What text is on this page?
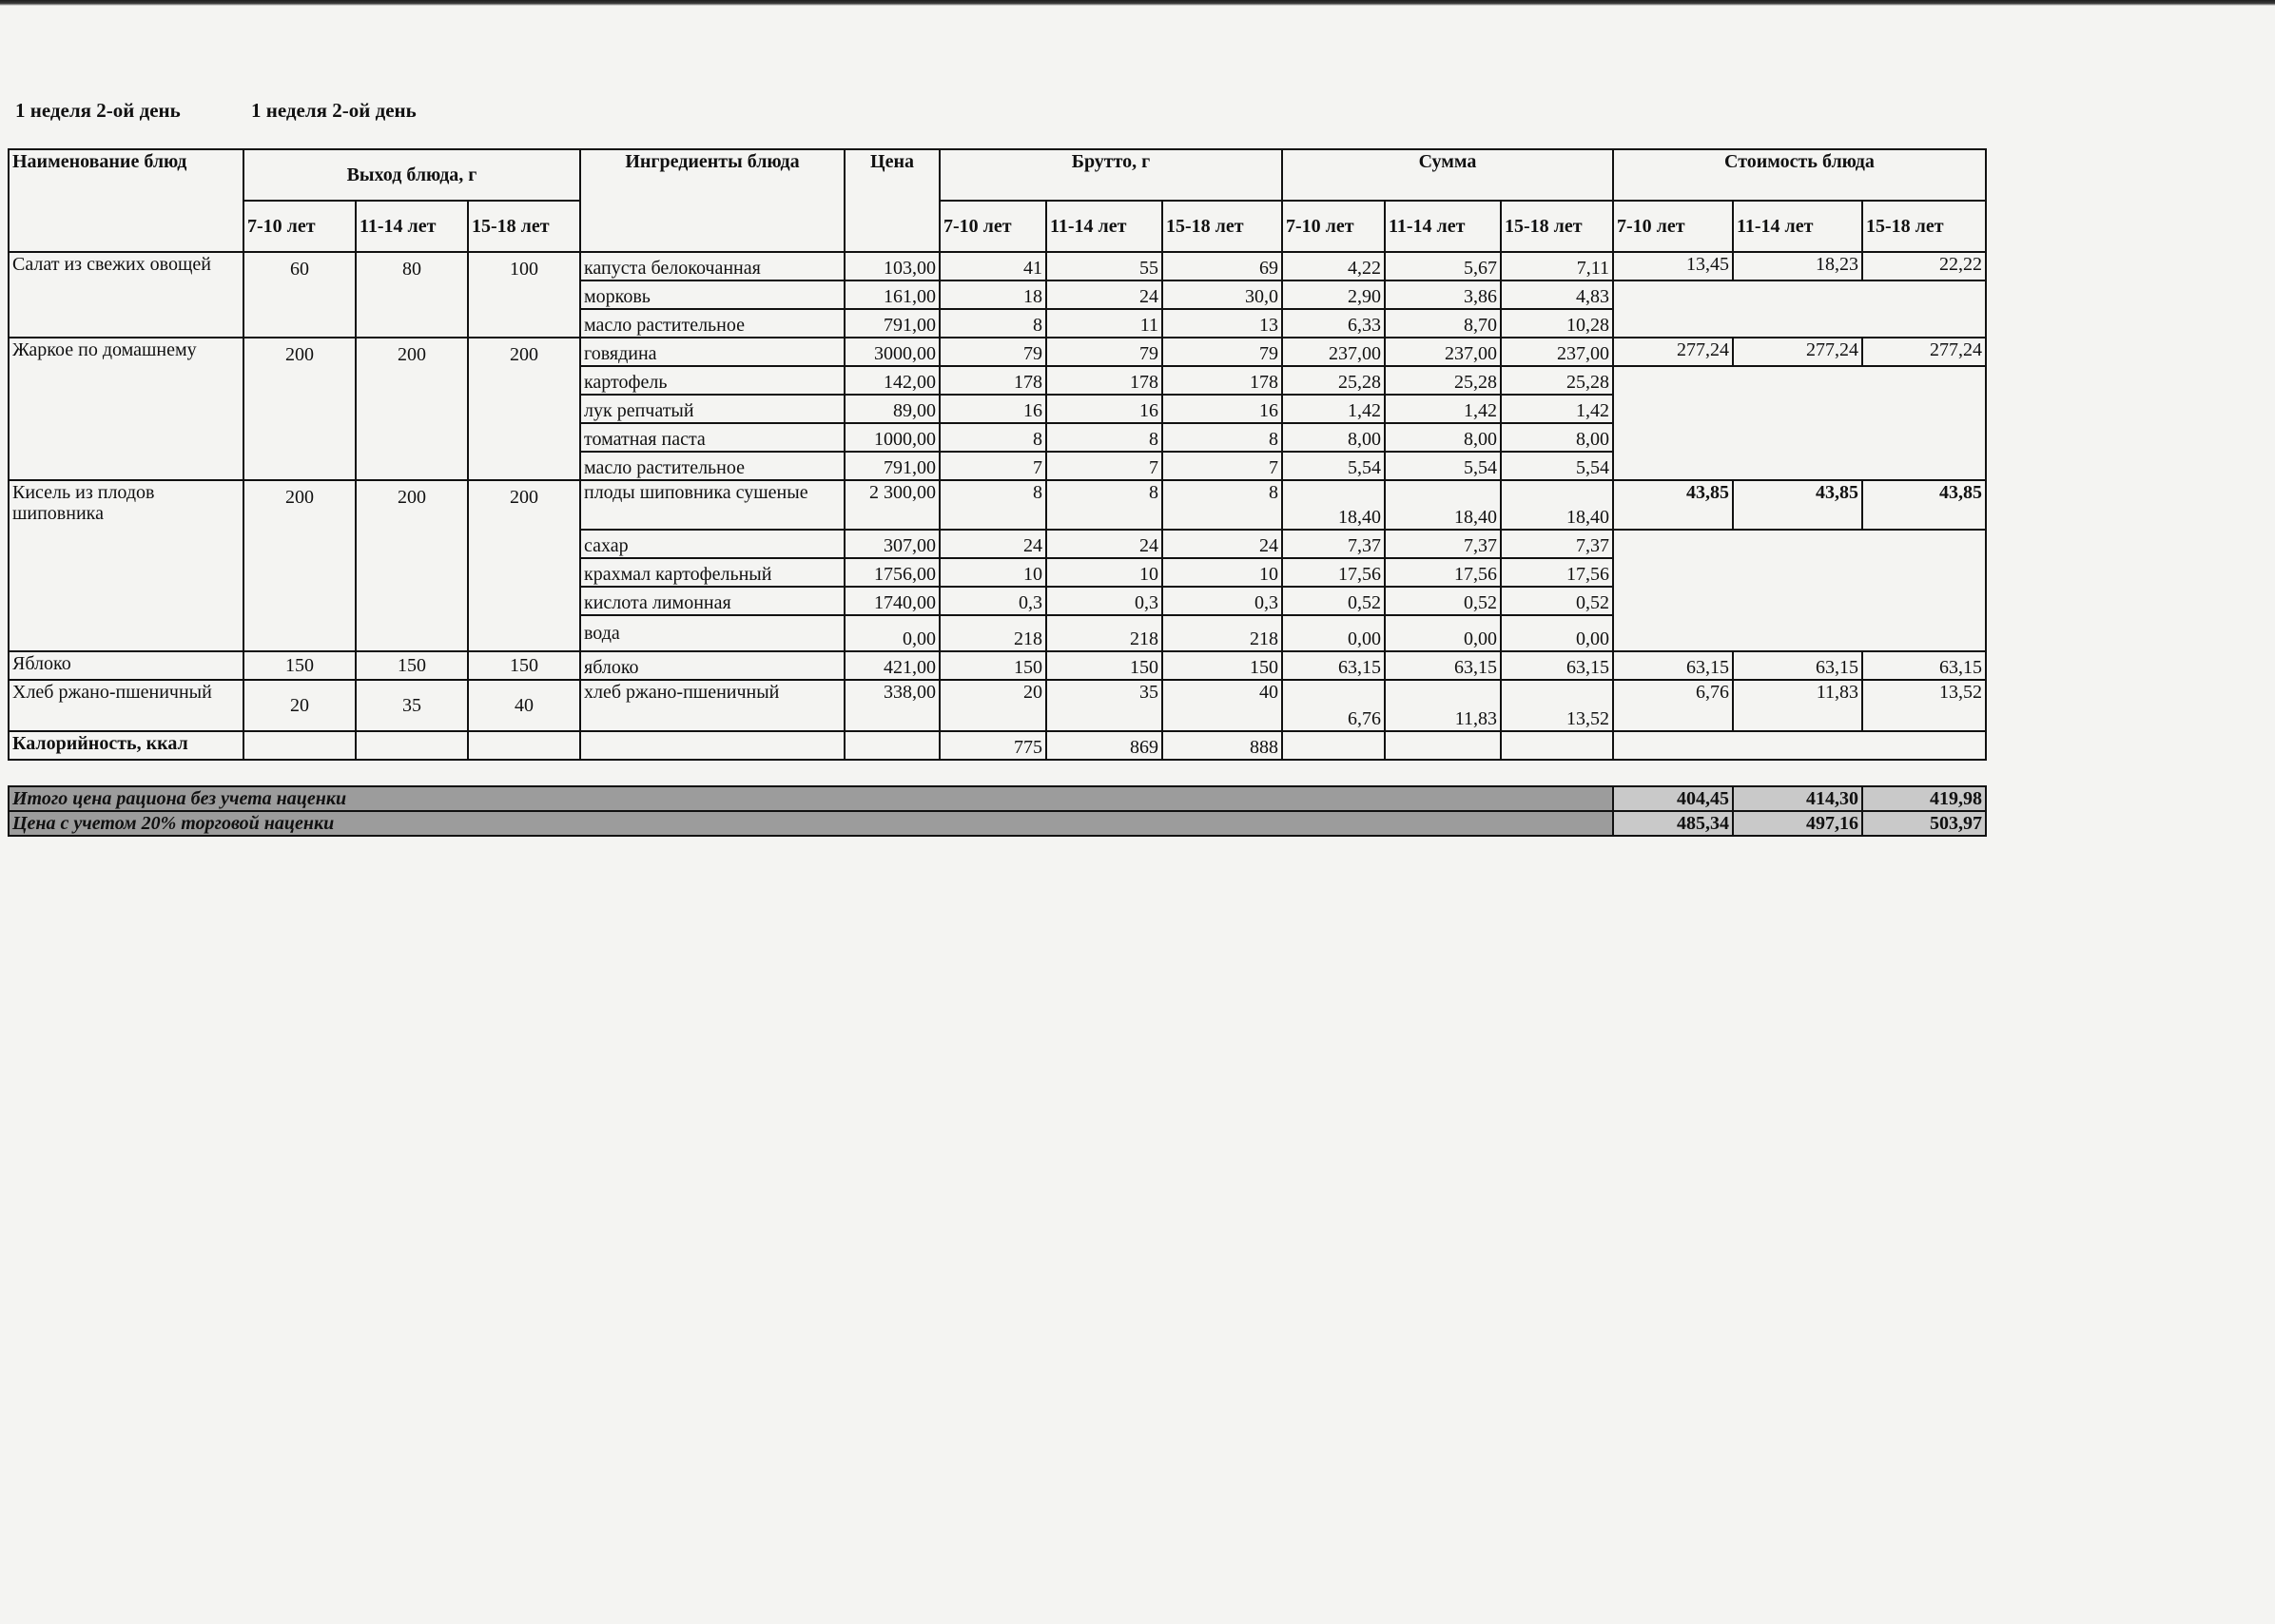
1 неделя 2-ой день	1 неделя 2-ой день
Наименование блюд	Выход блюда, г			Ингредиенты блюда	Цена	Брутто, г			Сумма			Стоимость блюда		
	7-10 лет	11-14 лет	15-18 лет			7-10 лет	11-14 лет	15-18 лет	7-10 лет	11-14 лет	15-18 лет	7-10 лет	11-14 лет	15-18 лет
Салат из свежих овощей	60	80	100	капуста белокочанная	103,00	41	55	69	4,22	5,67	7,11	13,45	18,23	22,22
				морковь	161,00	18	24	30,0	2,90	3,86	4,83			
				масло растительное	791,00	8	11	13	6,33	8,70	10,28			
Жаркое по домашнему	200	200	200	говядина	3000,00	79	79	79	237,00	237,00	237,00	277,24	277,24	277,24
				картофель	142,00	178	178	178	25,28	25,28	25,28			
				лук репчатый	89,00	16	16	16	1,42	1,42	1,42			
				томатная паста	1000,00	8	8	8	8,00	8,00	8,00			
				масло растительное	791,00	7	7	7	5,54	5,54	5,54			
Кисель из плодов шиповника	200	200	200	плоды шиповника сушеные	2 300,00	8	8	8	18,40	18,40	18,40	43,85	43,85	43,85
				сахар	307,00	24	24	24	7,37	7,37	7,37			
				крахмал картофельный	1756,00	10	10	10	17,56	17,56	17,56			
				кислота лимонная	1740,00	0,3	0,3	0,3	0,52	0,52	0,52			
				вода	0,00	218	218	218	0,00	0,00	0,00			
Яблоко	150	150	150	яблоко	421,00	150	150	150	63,15	63,15	63,15	63,15	63,15	63,15
Хлеб ржано-пшеничный	20	35	40	хлеб ржано-пшеничный	338,00	20	35	40	6,76	11,83	13,52	6,76	11,83	13,52
Калорийность, ккал						775	869	888						

Итого цена рациона без учета наценки												404,45	414,30	419,98
Цена с учетом 20% торговой наценки												485,34	497,16	503,97
